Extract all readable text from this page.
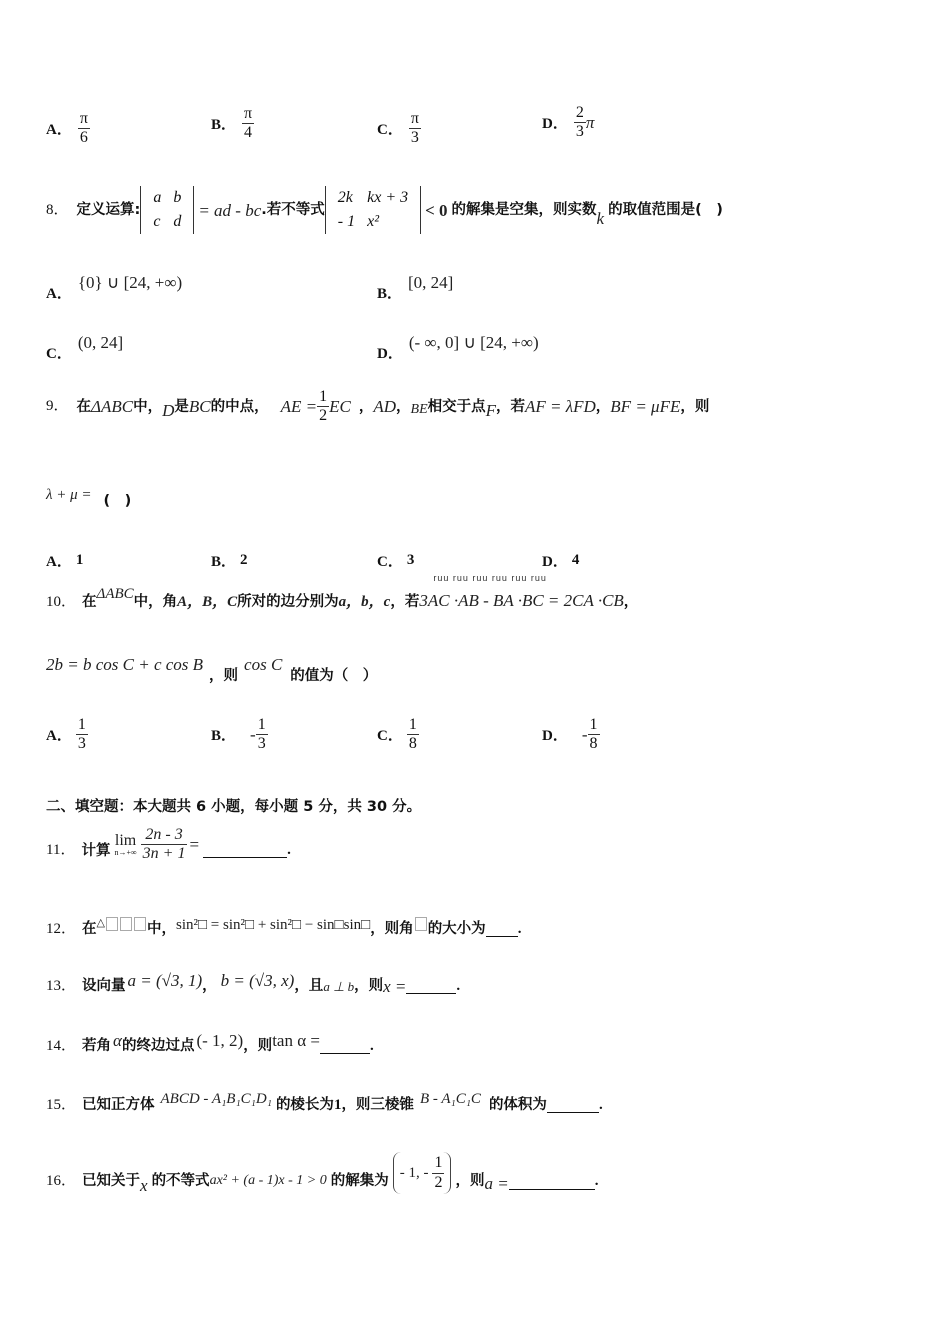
A． $\frac{\pi}{6}$	B． $\frac{\pi}{4}$	C． $\frac{\pi}{3}$	D． $\frac{2}{3}$ π
8． 定义运算:
a	b
c	d
= ad - bc .若不等式
2k	kx + 3
- 1	x²
< 0 的解集是空集，则实数 k 的取值范围是(　)
A．
{0} ∪ [24, +∞)
B．
[0, 24]
C．
(0, 24]
D．
(- ∞, 0] ∪ [24, +∞)
9． 在 ΔABC 中， D 是 BC 的中点， AE = $\frac{1}{2}$ EC ， AD ， BE 相交于点 F ，若 AF = λFD ， BF = μFE ，则
λ + μ = (　)
A． 1	B． 2	C． 3	D． 4
10． 在
ΔABC
中，角 A，B，C 所对的边分别为 a，b，c ，若
ruu ruu ruu ruu ruu ruu
3AC ·AB - BA ·BC = 2CA ·CB ，
2b = b cos C + c cos B
，则
cos C
的值为（　）
A． $\frac{1}{3}$	B． - $\frac{1}{3}$	C． $\frac{1}{8}$	D． - $\frac{1}{8}$
二、填空题：本大题共 6 小题，每小题 5 分，共 30 分。
11． 计算
lim
$n\to+\infty \frac{2n - 3}{3n + 1}$ =	.
12． 在 △	中， sin²□ = sin²□ + sin²□ − sin□sin□ ，则角 的大小为 .
13． 设向量 a = (√3, 1) ， b = (√3, x) ，且 a ⊥ b ，则 x =	.
14． 若角 α 的终边过点 (- 1, 2) ，则 tan α =	.
15． 已知正方体 ABCD - A₁B₁C₁D₁ 的棱长为 1 ，则三棱锥 B - A₁C₁C 的体积为	.
16． 已知关于 x 的不等式 ax² + (a - 1)x - 1 > 0 的解集为
- 1, - $\frac{1}{2}$ ，则 a =	.
